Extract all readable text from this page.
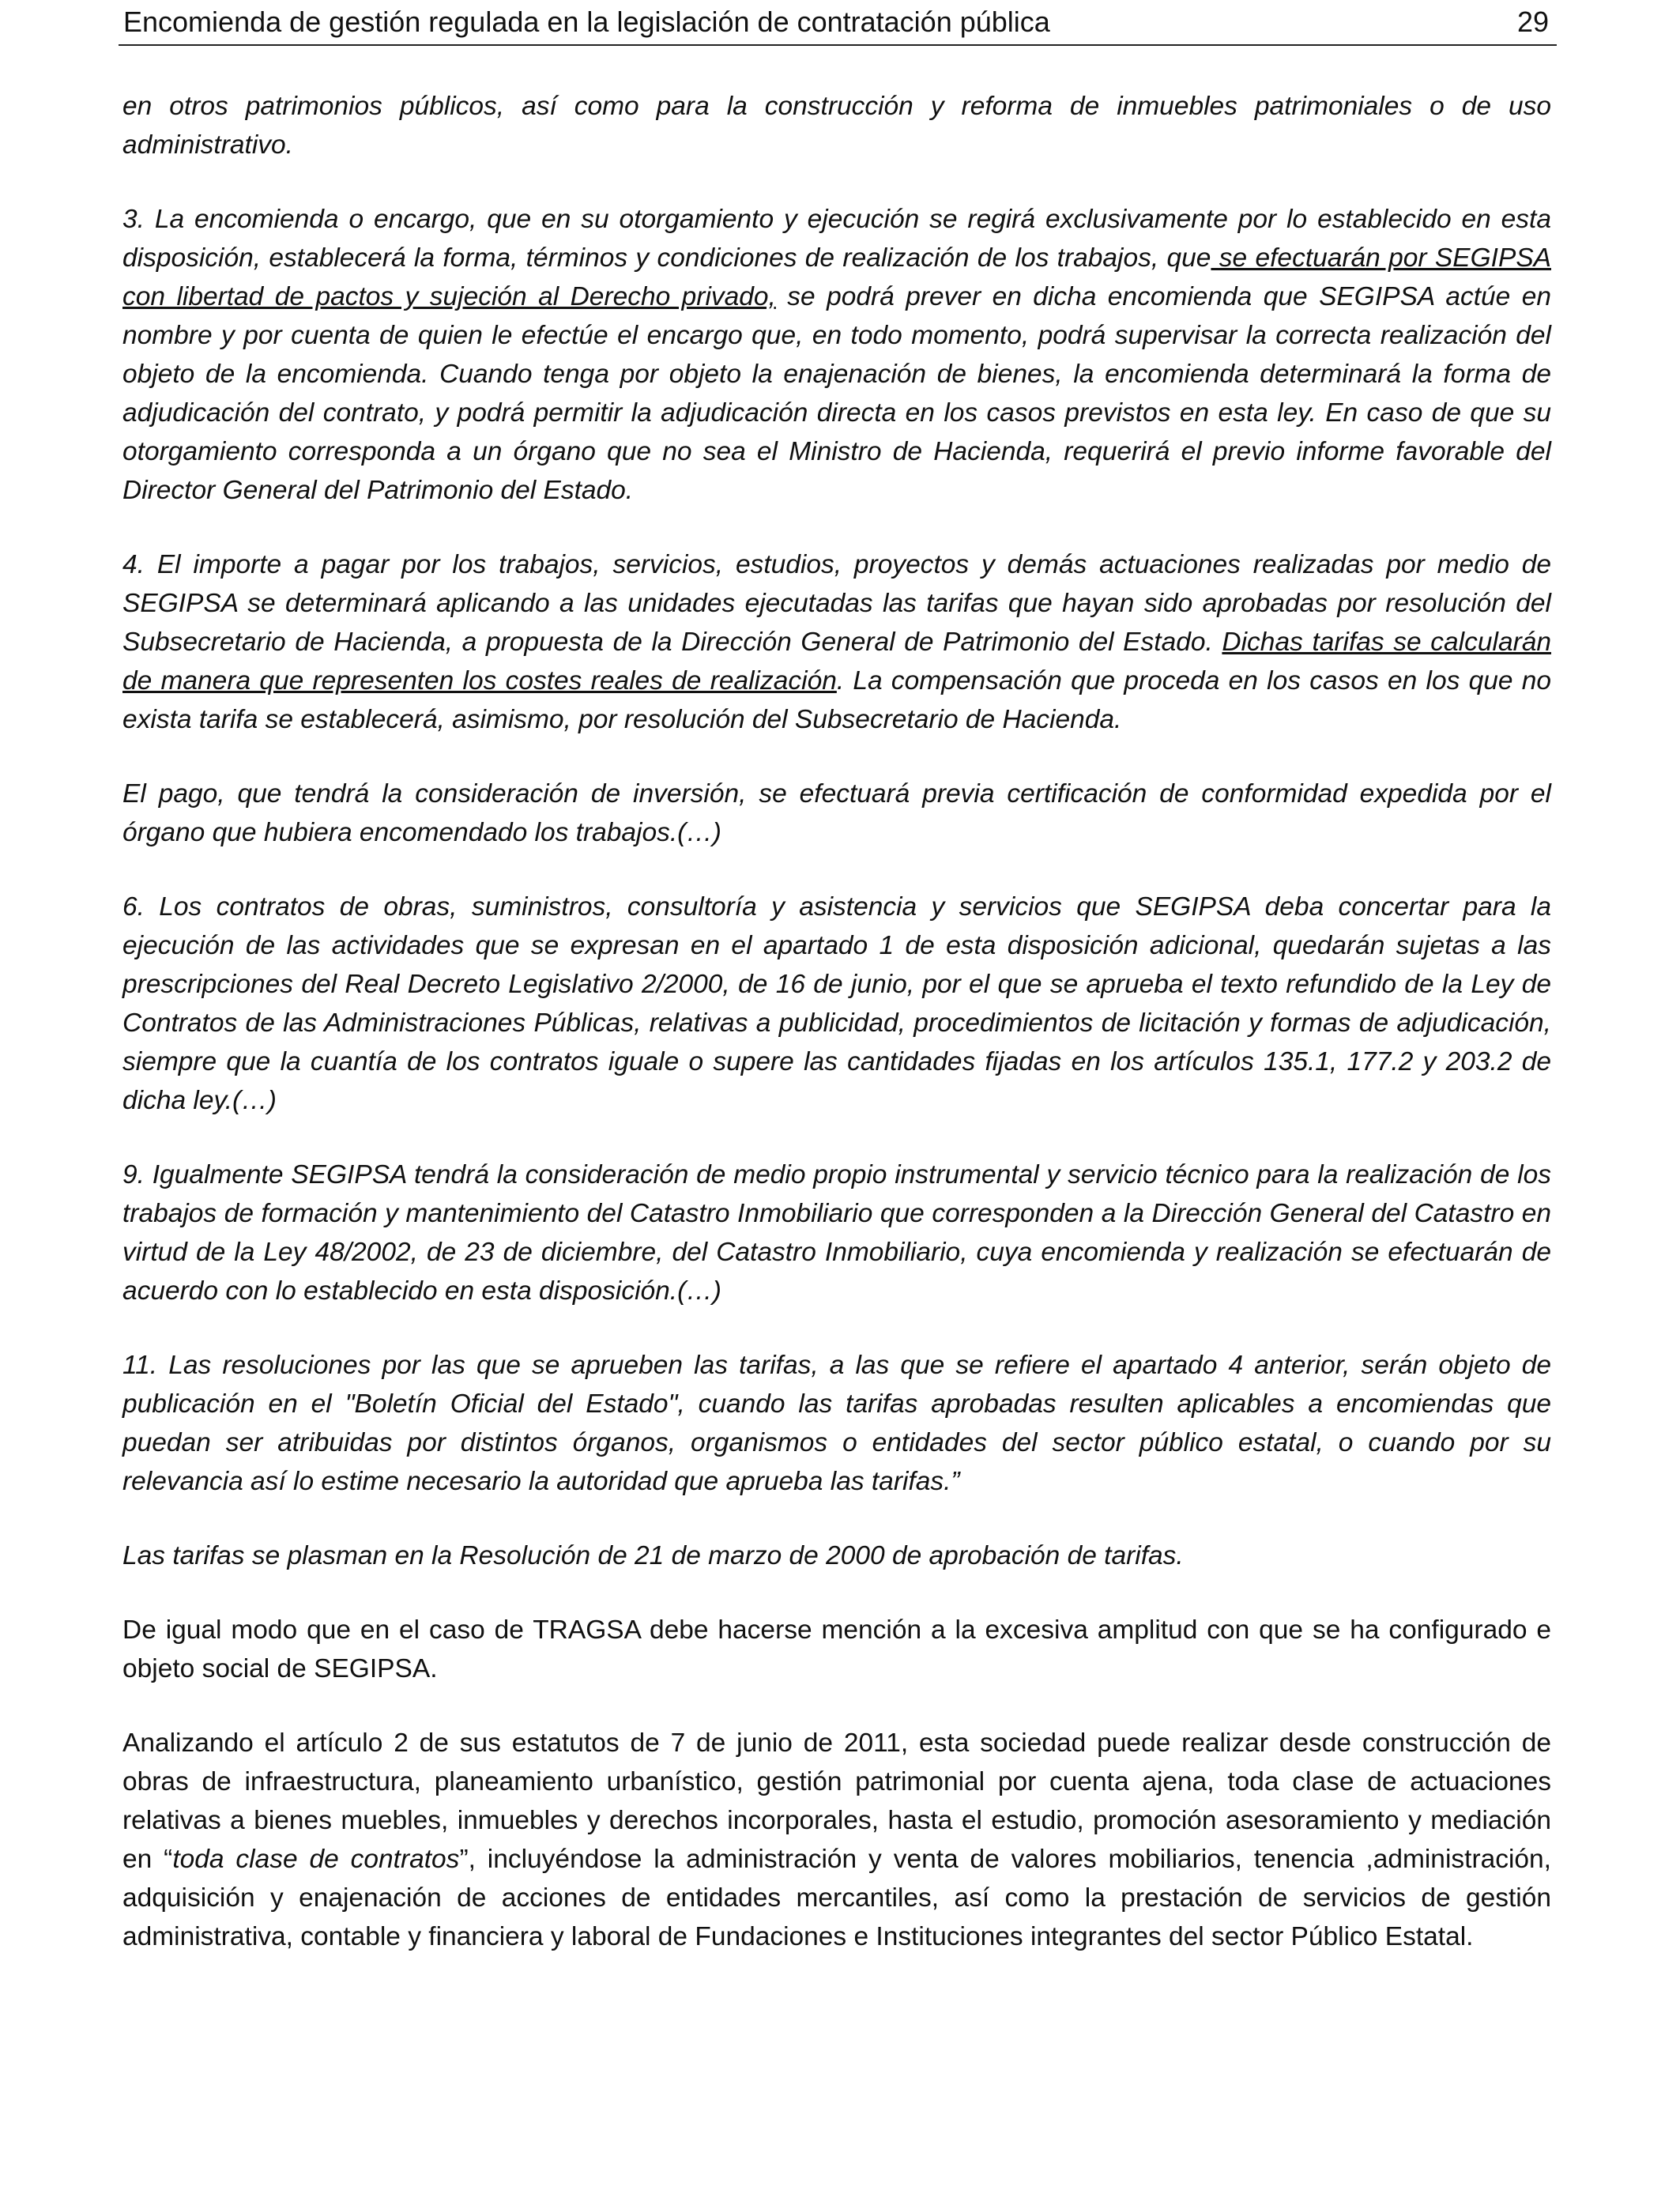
Encomienda de gestión regulada en la legislación de contratación pública	29

en otros patrimonios públicos, así como para la construcción y reforma de inmuebles patrimoniales o de uso administrativo.

3. La encomienda o encargo, que en su otorgamiento y ejecución se regirá exclusivamente por lo establecido en esta disposición, establecerá la forma, términos y condiciones de realización de los trabajos, que se efectuarán por SEGIPSA con libertad de pactos y sujeción al Derecho privado, se podrá prever en dicha encomienda que SEGIPSA actúe en nombre y por cuenta de quien le efectúe el encargo que, en todo momento, podrá supervisar la correcta realización del objeto de la encomienda. Cuando tenga por objeto la enajenación de bienes, la encomienda determinará la forma de adjudicación del contrato, y podrá permitir la adjudicación directa en los casos previstos en esta ley. En caso de que su otorgamiento corresponda a un órgano que no sea el Ministro de Hacienda, requerirá el previo informe favorable del Director General del Patrimonio del Estado.

4. El importe a pagar por los trabajos, servicios, estudios, proyectos y demás actuaciones realizadas por medio de SEGIPSA se determinará aplicando a las unidades ejecutadas las tarifas que hayan sido aprobadas por resolución del Subsecretario de Hacienda, a propuesta de la Dirección General de Patrimonio del Estado. Dichas tarifas se calcularán de manera que representen los costes reales de realización. La compensación que proceda en los casos en los que no exista tarifa se establecerá, asimismo, por resolución del Subsecretario de Hacienda.

El pago, que tendrá la consideración de inversión, se efectuará previa certificación de conformidad expedida por el órgano que hubiera encomendado los trabajos.(…)

6. Los contratos de obras, suministros, consultoría y asistencia y servicios que SEGIPSA deba concertar para la ejecución de las actividades que se expresan en el apartado 1 de esta disposición adicional, quedarán sujetas a las prescripciones del Real Decreto Legislativo 2/2000, de 16 de junio, por el que se aprueba el texto refundido de la Ley de Contratos de las Administraciones Públicas, relativas a publicidad, procedimientos de licitación y formas de adjudicación, siempre que la cuantía de los contratos iguale o supere las cantidades fijadas en los artículos 135.1, 177.2 y 203.2 de dicha ley.(…)

9. Igualmente SEGIPSA tendrá la consideración de medio propio instrumental y servicio técnico para la realización de los trabajos de formación y mantenimiento del Catastro Inmobiliario que corresponden a la Dirección General del Catastro en virtud de la Ley 48/2002, de 23 de diciembre, del Catastro Inmobiliario, cuya encomienda y realización se efectuarán de acuerdo con lo establecido en esta disposición.(…)

11. Las resoluciones por las que se aprueben las tarifas, a las que se refiere el apartado 4 anterior, serán objeto de publicación en el "Boletín Oficial del Estado", cuando las tarifas aprobadas resulten aplicables a encomiendas que puedan ser atribuidas por distintos órganos, organismos o entidades del sector público estatal, o cuando por su relevancia así lo estime necesario la autoridad que aprueba las tarifas.”

Las tarifas se plasman en la Resolución de 21 de marzo de 2000 de aprobación de tarifas.

De igual modo que en el caso de TRAGSA debe hacerse mención a la excesiva amplitud con que se ha configurado e objeto social de SEGIPSA.

Analizando el artículo 2 de sus estatutos de 7 de junio de 2011, esta sociedad puede realizar desde construcción de obras de infraestructura, planeamiento urbanístico, gestión patrimonial por cuenta ajena, toda clase de actuaciones relativas a bienes muebles, inmuebles y derechos incorporales, hasta el estudio, promoción asesoramiento y mediación en “toda clase de contratos”, incluyéndose la administración y venta de valores mobiliarios, tenencia ,administración, adquisición y enajenación de acciones de entidades mercantiles, así como la prestación de servicios de gestión administrativa, contable y financiera y laboral de Fundaciones e Instituciones integrantes del sector Público Estatal.
